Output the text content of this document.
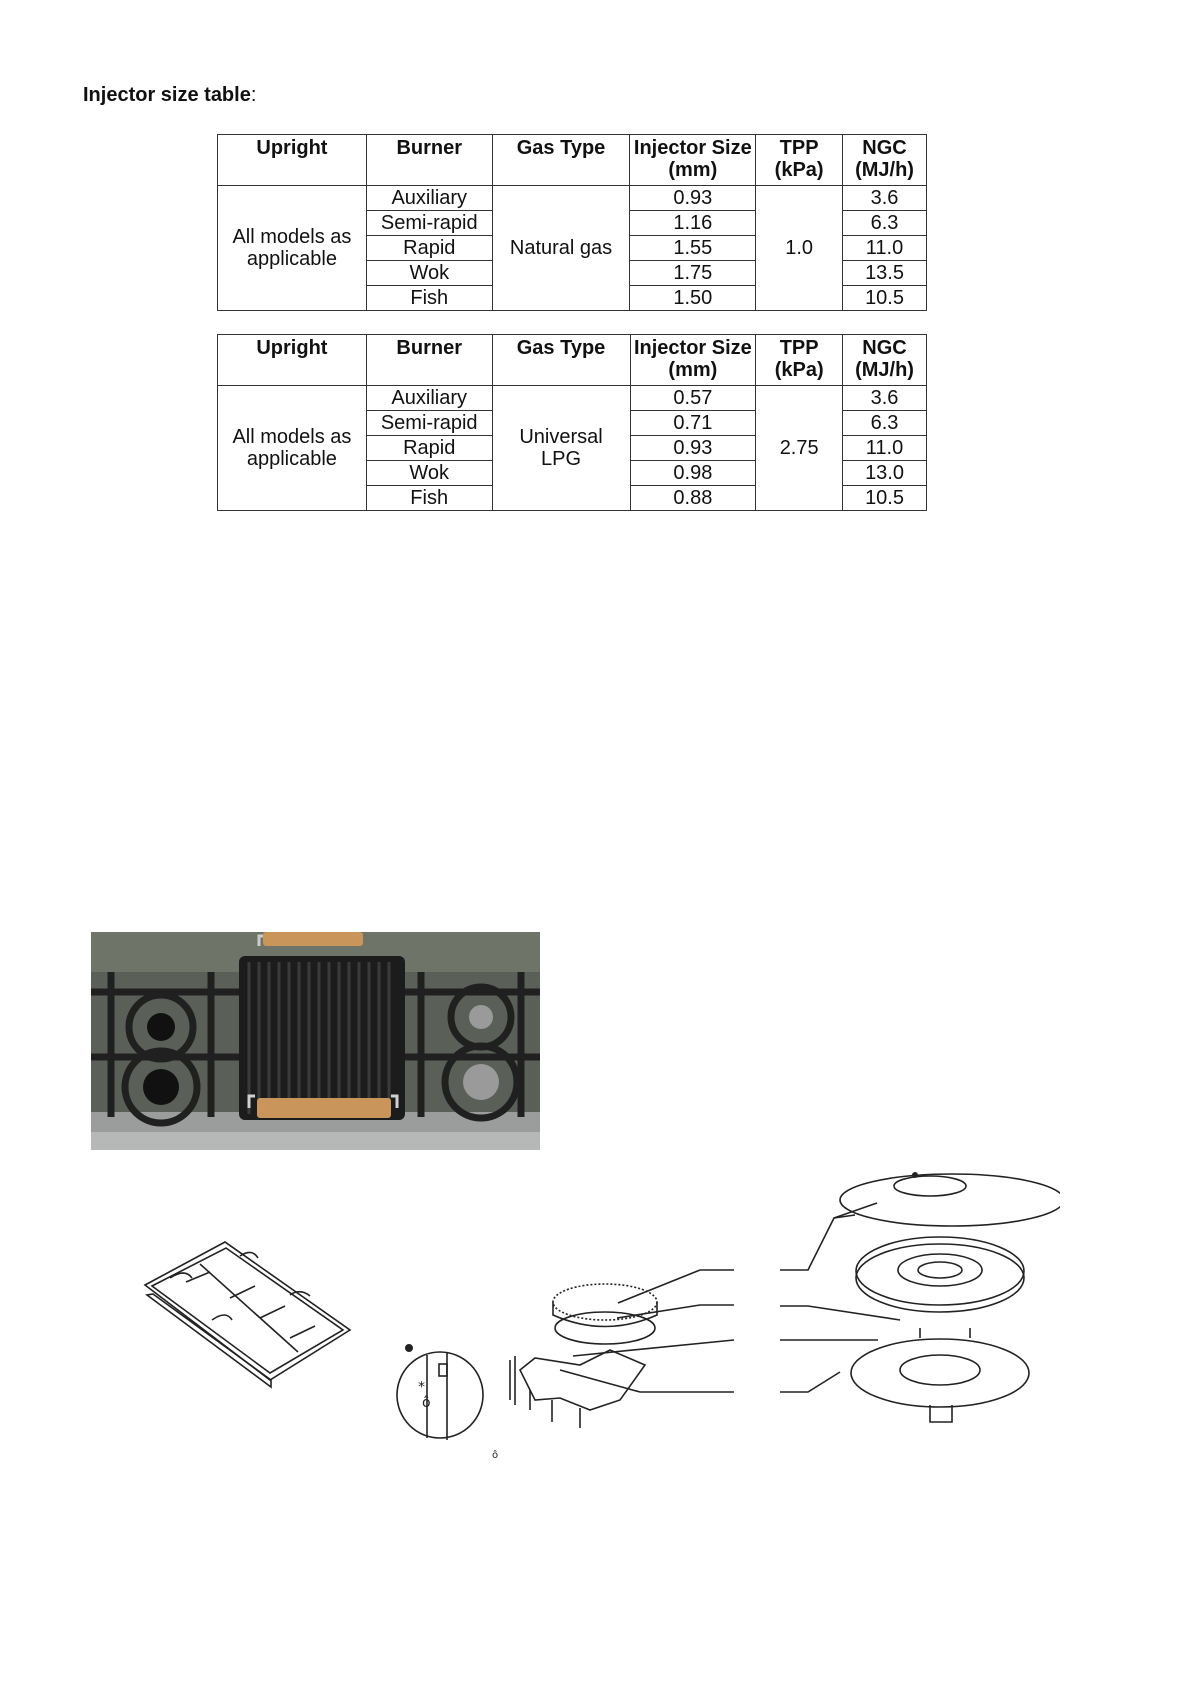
Injector size table:
Upright	Burner	Gas Type	Injector Size (mm)	TPP (kPa)	NGC (MJ/h)
All models as applicable	Auxiliary	Natural gas	0.93	1.0	3.6
	Semi-rapid		1.16		6.3
	Rapid		1.55		11.0
	Wok		1.75		13.5
	Fish		1.50		10.5
Upright	Burner	Gas Type	Injector Size (mm)	TPP (kPa)	NGC (MJ/h)
All models as applicable	Auxiliary	Universal LPG	0.57	2.75	3.6
	Semi-rapid		0.71		6.3
	Rapid		0.93		11.0
	Wok		0.98		13.0
	Fish		0.88		10.5
⁎
ô
ô
